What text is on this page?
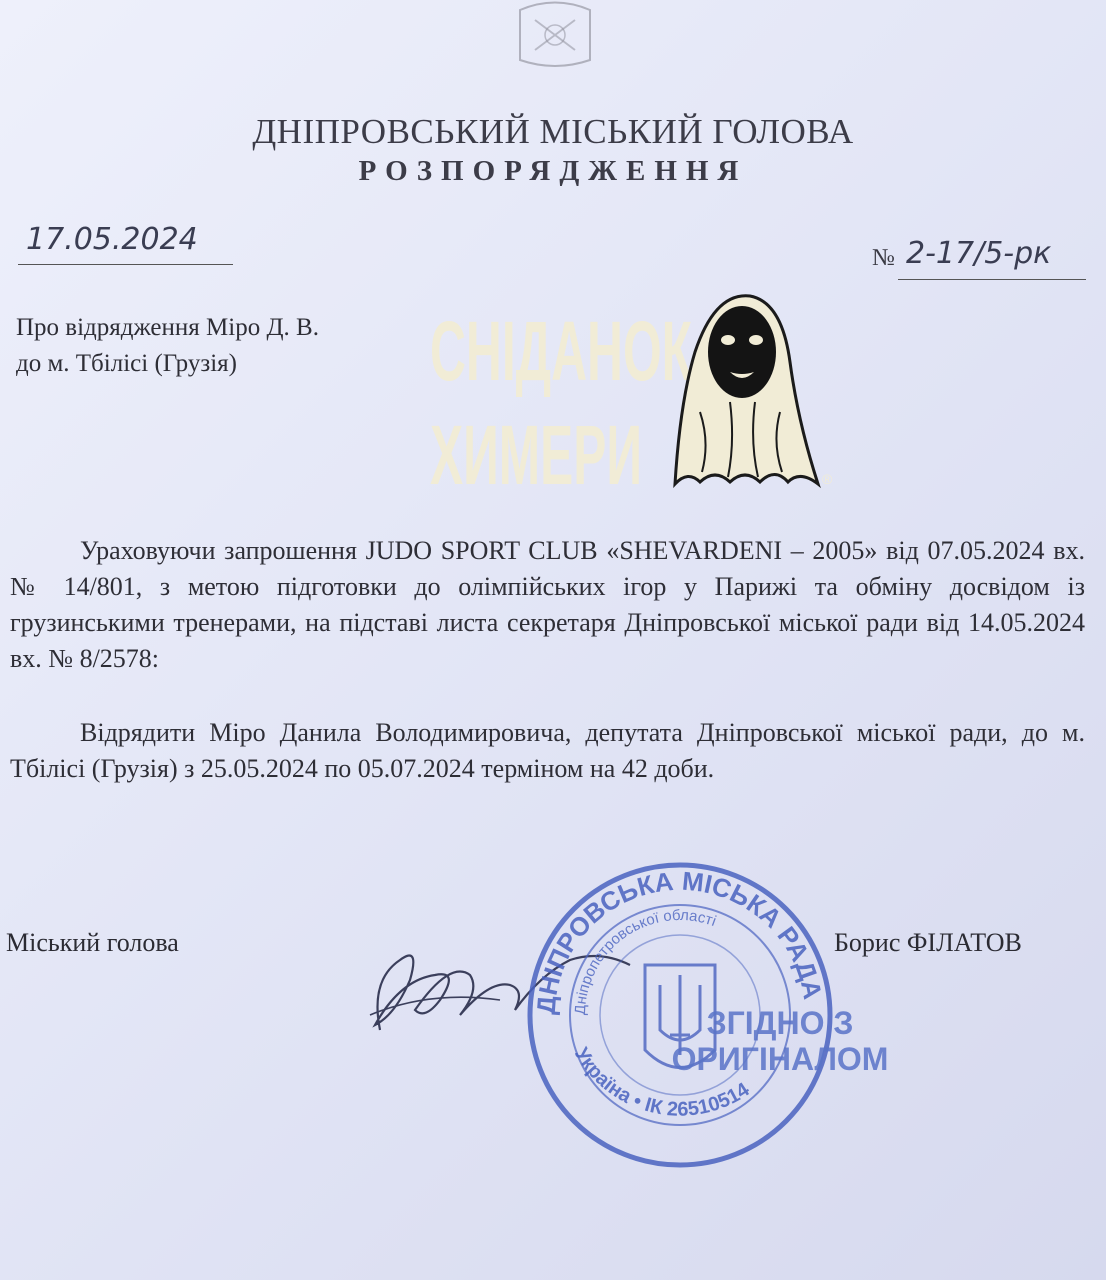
ДНІПРОВСЬКИЙ МІСЬКИЙ ГОЛОВА
РОЗПОРЯДЖЕННЯ
17.05.2024
№ 2-17/5-рк
Про відрядження Міро Д. В.
до м. Тбілісі (Грузія) СНІДАНОК
ХИМЕРИ	®
Ураховуючи запрошення JUDO SPORT CLUB «SHEVARDENI – 2005» від 07.05.2024 вх. № 14/801, з метою підготовки до олімпійських ігор у Парижі та обміну досвідом із грузинськими тренерами, на підставі листа секретаря Дніпровської міської ради від 14.05.2024 вх. № 8/2578:
Відрядити Міро Данила Володимировича, депутата Дніпровської міської ради, до м. Тбілісі (Грузія) з 25.05.2024 по 05.07.2024 терміном на 42 доби.
Міський голова
ДНІПРОВСЬКА МІСЬКА РАДА
Дніпропетровської області
Україна • ІК 26510514
ЗГІДНО З
ОРИГІНАЛОМ
Борис ФІЛАТОВ
